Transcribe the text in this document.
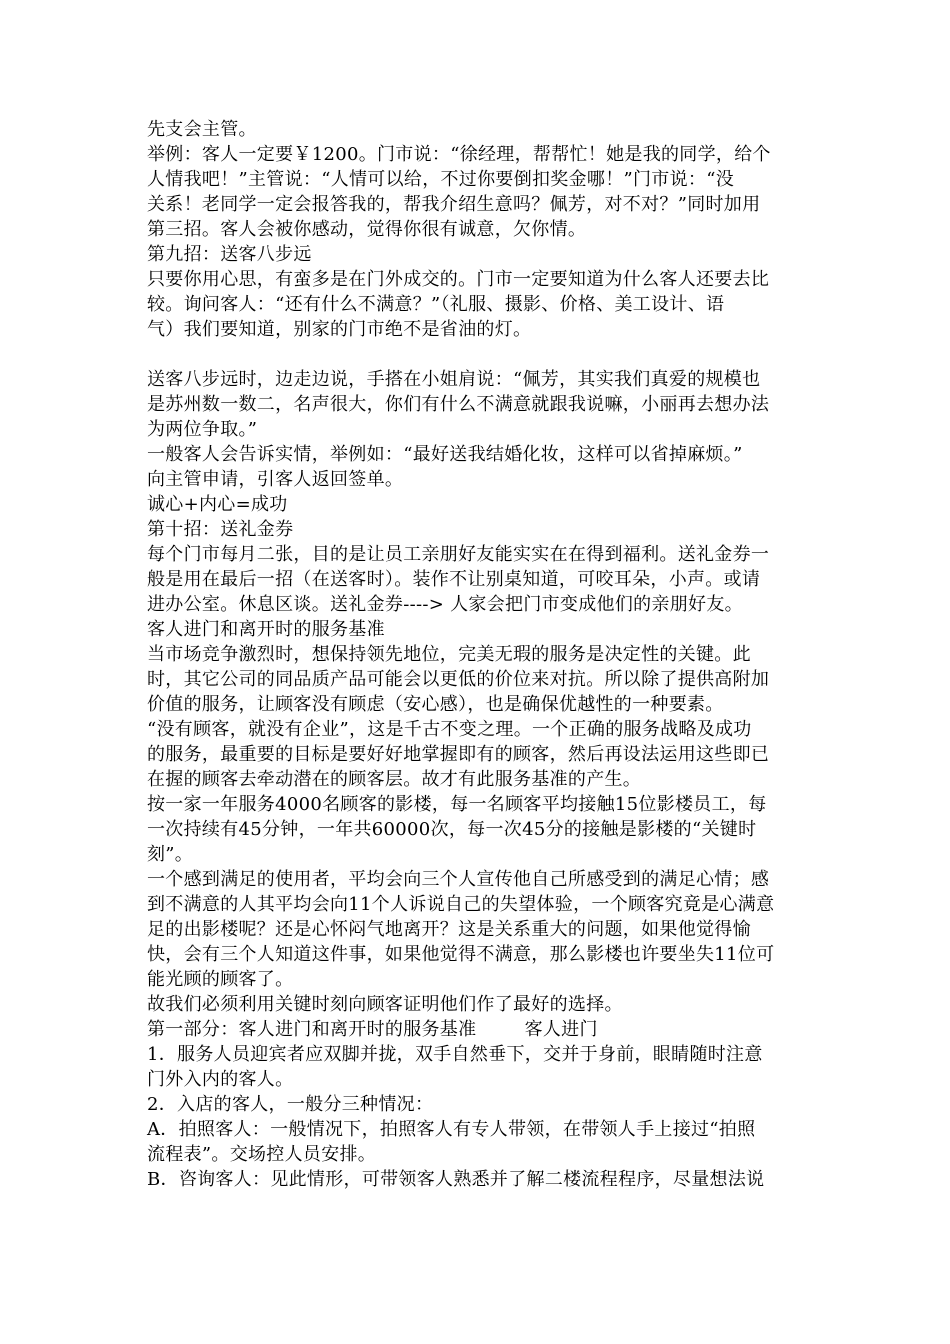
先支会主管。
举例：客人一定要￥1200。门市说：“徐经理，帮帮忙！她是我的同学，给个
人情我吧！”主管说：“人情可以给，不过你要倒扣奖金哪！”门市说：“没
关系！老同学一定会报答我的，帮我介绍生意吗？佩芳，对不对？”同时加用
第三招。客人会被你感动，觉得你很有诚意，欠你情。
第九招：送客八步远
只要你用心思，有蛮多是在门外成交的。门市一定要知道为什么客人还要去比
较。询问客人：“还有什么不满意？”（礼服、摄影、价格、美工设计、语
气）我们要知道，别家的门市绝不是省油的灯。
送客八步远时，边走边说，手搭在小姐肩说：“佩芳，其实我们真爱的规模也
是苏州数一数二，名声很大，你们有什么不满意就跟我说嘛，小丽再去想办法
为两位争取。”
一般客人会告诉实情，举例如：“最好送我结婚化妆，这样可以省掉麻烦。”
向主管申请，引客人返回签单。
诚心+内心=成功
第十招：送礼金券
每个门市每月二张，目的是让员工亲朋好友能实实在在得到福利。送礼金券一
般是用在最后一招（在送客时）。装作不让别桌知道，可咬耳朵，小声。或请
进办公室。休息区谈。送礼金券----> 人家会把门市变成他们的亲朋好友。
客人进门和离开时的服务基准
当市场竞争激烈时，想保持领先地位，完美无瑕的服务是决定性的关键。此
时，其它公司的同品质产品可能会以更低的价位来对抗。所以除了提供高附加
价值的服务，让顾客没有顾虑（安心感），也是确保优越性的一种要素。
“没有顾客，就没有企业”，这是千古不变之理。一个正确的服务战略及成功
的服务，最重要的目标是要好好地掌握即有的顾客，然后再设法运用这些即已
在握的顾客去牵动潜在的顾客层。故才有此服务基准的产生。
按一家一年服务4000名顾客的影楼，每一名顾客平均接触15位影楼员工，每
一次持续有45分钟，一年共60000次，每一次45分的接触是影楼的“关键时
刻”。
一个感到满足的使用者，平均会向三个人宣传他自己所感受到的满足心情；感
到不满意的人其平均会向11个人诉说自己的失望体验，一个顾客究竟是心满意
足的出影楼呢？还是心怀闷气地离开？这是关系重大的问题，如果他觉得愉
快，会有三个人知道这件事，如果他觉得不满意，那么影楼也许要坐失11位可
能光顾的顾客了。
故我们必须利用关键时刻向顾客证明他们作了最好的选择。
第一部分：客人进门和离开时的服务基准        客人进门
1．服务人员迎宾者应双脚并拢，双手自然垂下，交并于身前，眼睛随时注意
门外入内的客人。
2．入店的客人，一般分三种情况：
A．拍照客人：一般情况下，拍照客人有专人带领，在带领人手上接过“拍照
流程表”。交场控人员安排。
B．咨询客人：见此情形，可带领客人熟悉并了解二楼流程程序，尽量想法说
